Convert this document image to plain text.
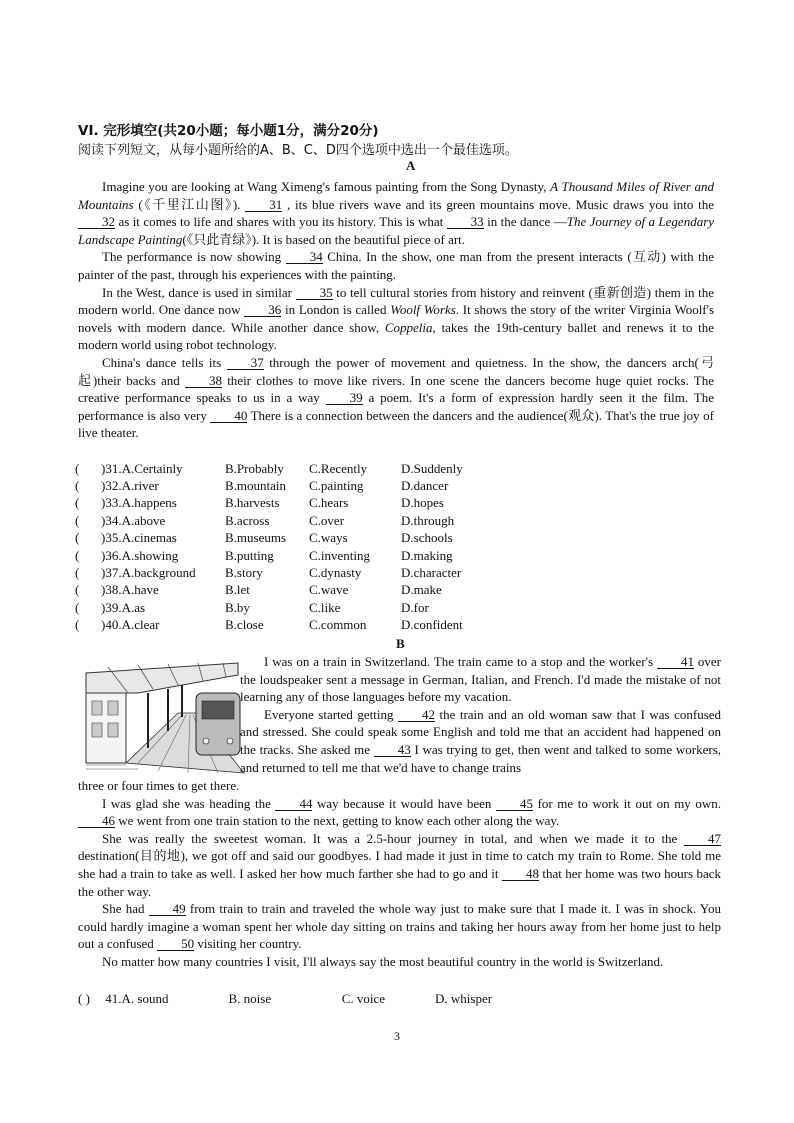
VI. 完形填空(共20小题；每小题1分，满分20分)
阅读下列短文，从每小题所给的A、B、C、D四个选项中选出一个最佳选项。
A

Imagine you are looking at Wang Ximeng's famous painting from the Song Dynasty, A Thousand Miles of River and Mountains (《千里江山图》). 31 , its blue rivers wave and its green mountains move. Music draws you into the 32 as it comes to life and shares with you its history. This is what 33 in the dance —The Journey of a Legendary Landscape Painting(《只此青绿》). It is based on the beautiful piece of art.

The performance is now showing 34 China. In the show, one man from the present interacts (互动) with the painter of the past, through his experiences with the painting.

In the West, dance is used in similar 35 to tell cultural stories from history and reinvent (重新创造) them in the modern world. One dance now 36 in London is called Woolf Works. It shows the story of the writer Virginia Woolf's novels with modern dance. While another dance show, Coppelia, takes the 19th-century ballet and renews it to the modern world using robot technology.

China's dance tells its 37 through the power of movement and quietness. In the show, the dancers arch(弓起)their backs and 38 their clothes to move like rivers. In one scene the dancers become huge quiet rocks. The creative performance speaks to us in a way 39 a poem. It's a form of expression hardly seen it the film. The performance is also very 40 There is a connection between the dancers and the audience(观众). That's the true joy of live theater.

(	)31.A.Certainly	B.Probably	C.Recently	D.Suddenly
(	)32.A.river	B.mountain	C.painting	D.dancer
(	)33.A.happens	B.harvests	C.hears	D.hopes
(	)34.A.above	B.across	C.over	D.through
(	)35.A.cinemas	B.museums	C.ways	D.schools
(	)36.A.showing	B.putting	C.inventing	D.making
(	)37.A.background	B.story	C.dynasty	D.character
(	)38.A.have	B.let	C.wave	D.make
(	)39.A.as	B.by	C.like	D.for
(	)40.A.clear	B.close	C.common	D.confident
B

I was on a train in Switzerland. The train came to a stop and the worker's 41 over the loudspeaker sent a message in German, Italian, and French. I'd made the mistake of not learning any of those languages before my vacation.

Everyone started getting 42 the train and an old woman saw that I was confused and stressed. She could speak some English and told me that an accident had happened on the tracks. She asked me 43 I was trying to get, then went and talked to some workers, and returned to tell me that we'd have to change trains

three or four times to get there.

I was glad she was heading the 44 way because it would have been 45 for me to work it out on my own. 46 we went from one train station to the next, getting to know each other along the way.

She was really the sweetest woman. It was a 2.5-hour journey in total, and when we made it to the 47 destination(目的地), we got off and said our goodbyes. I had made it just in time to catch my train to Rome. She told me she had a train to take as well. I asked her how much farther she had to go and it 48 that her home was two hours back the other way.

She had 49 from train to train and traveled the whole way just to make sure that I made it. I was in shock. You could hardly imagine a woman spent her whole day sitting on trains and taking her hours away from her home just to help out a confused 50 visiting her country.

No matter how many countries I visit, I'll always say the most beautiful country in the world is Switzerland.

( ) 41.A. sound	B. noise	C. voice	D. whisper
3
